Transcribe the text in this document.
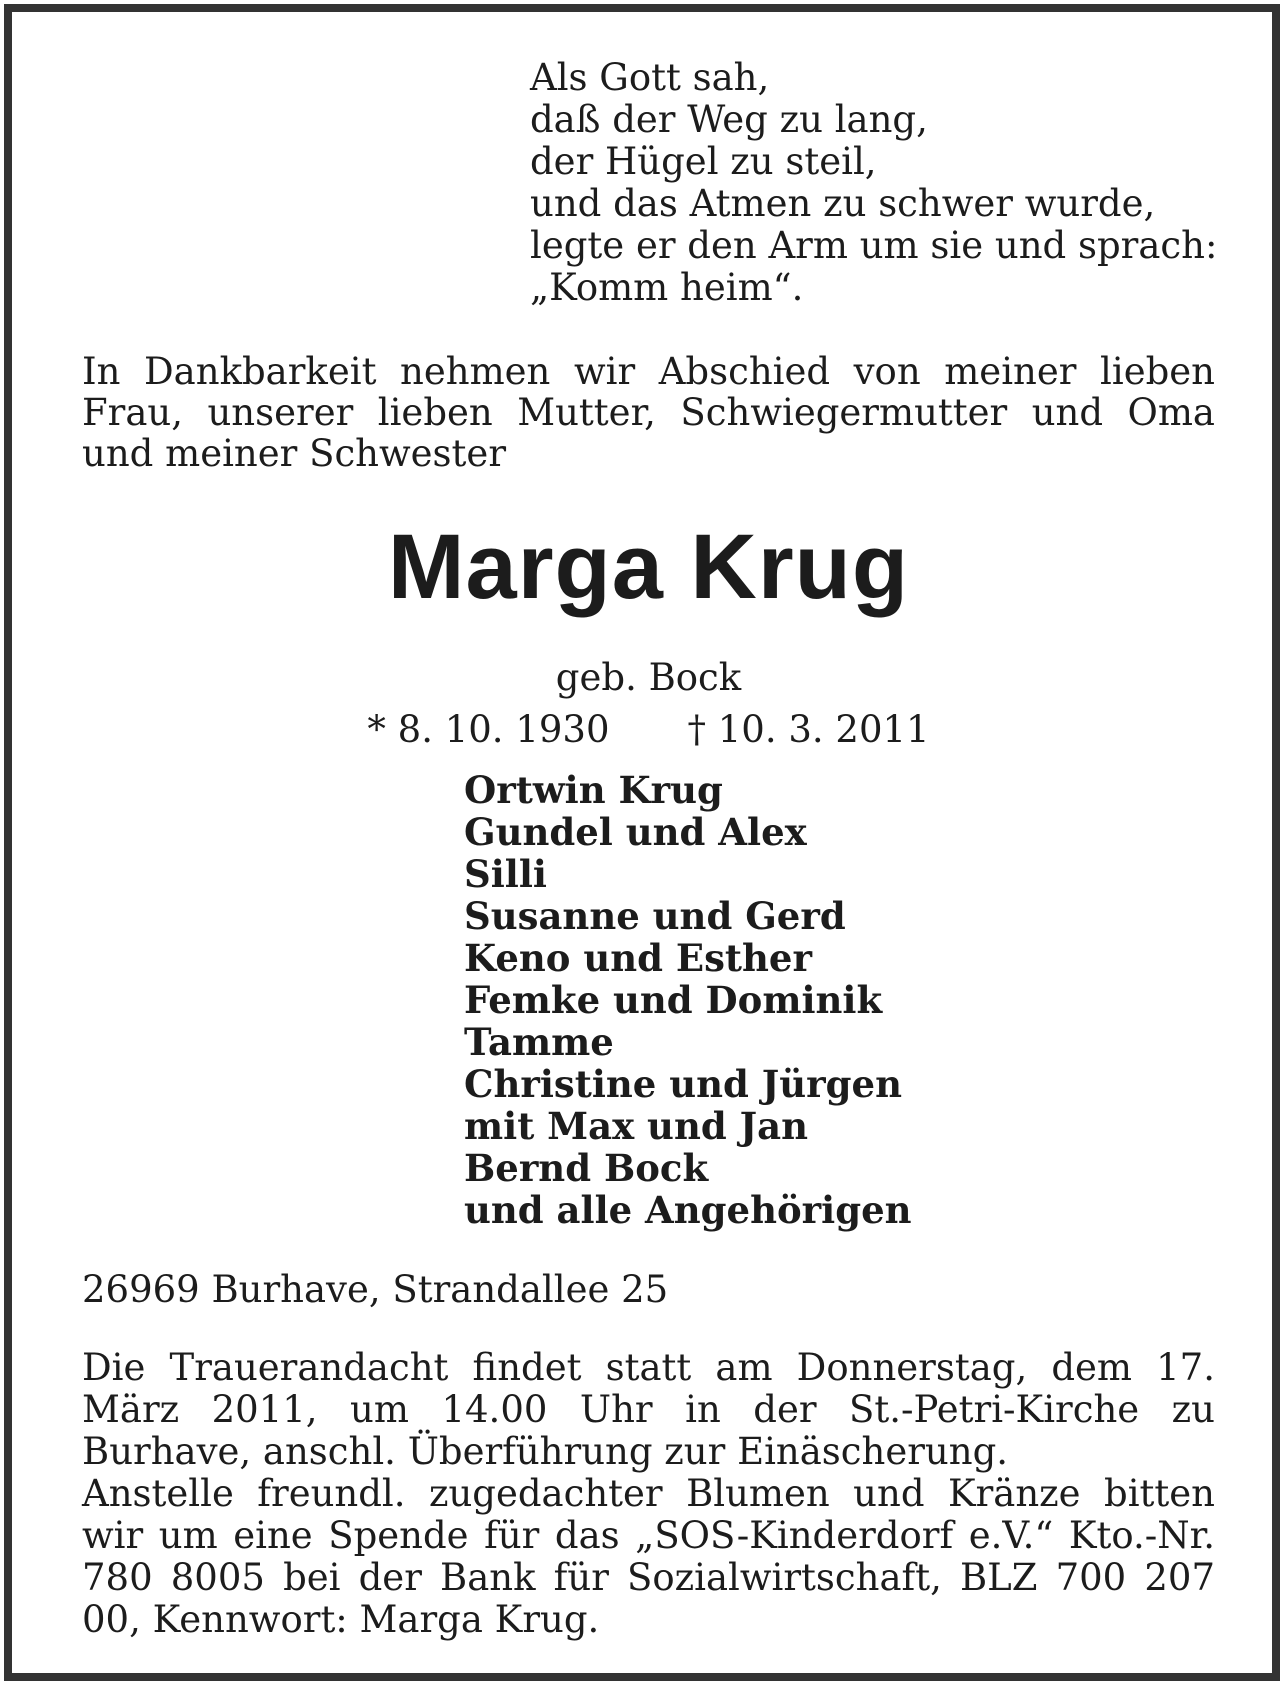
Als Gott sah,
daß der Weg zu lang,
der Hügel zu steil,
und das Atmen zu schwer wurde,
legte er den Arm um sie und sprach:
„Komm heim“.
In Dankbarkeit nehmen wir Abschied von meiner lieben Frau, unserer lieben Mutter, Schwiegermutter und Oma und meiner Schwester
Marga Krug
geb. Bock
* 8. 10. 1930 † 10. 3. 2011
Ortwin Krug
Gundel und Alex
Silli
Susanne und Gerd
Keno und Esther
Femke und Dominik
Tamme
Christine und Jürgen
mit Max und Jan
Bernd Bock
und alle Angehörigen
26969 Burhave, Strandallee 25

Die Trauerandacht findet statt am Donnerstag, dem 17. März 2011, um 14.00 Uhr in der St.-Petri-Kirche zu Burhave, anschl. Überführung zur Einäscherung.

Anstelle freundl. zugedachter Blumen und Kränze bitten wir um eine Spende für das „SOS-Kinderdorf e.V.“ Kto.-Nr. 780 8005 bei der Bank für Sozialwirtschaft, BLZ 700 207 00, Kennwort: Marga Krug.
